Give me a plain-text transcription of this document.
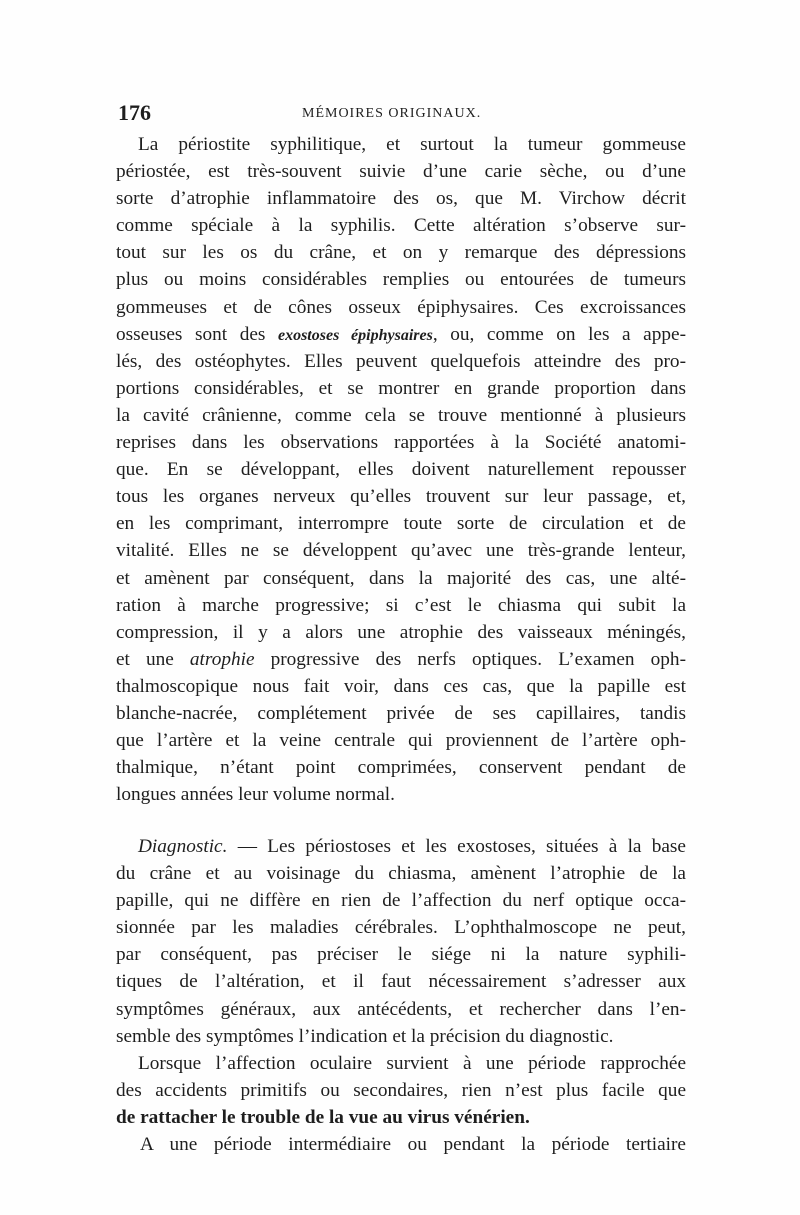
176	MÉMOIRES ORIGINAUX.
La périostite syphilitique, et surtout la tumeur gommeuse
périostée, est très-souvent suivie d’une carie sèche, ou d’une
sorte d’atrophie inflammatoire des os, que M. Virchow décrit
comme spéciale à la syphilis. Cette altération s’observe sur-
tout sur les os du crâne, et on y remarque des dépressions
plus ou moins considérables remplies ou entourées de tumeurs
gommeuses et de cônes osseux épiphysaires. Ces excroissances
osseuses sont des exostoses épiphysaires, ou, comme on les a appe-
lés, des ostéophytes. Elles peuvent quelquefois atteindre des pro-
portions considérables, et se montrer en grande proportion dans
la cavité crânienne, comme cela se trouve mentionné à plusieurs
reprises dans les observations rapportées à la Société anatomi-
que. En se développant, elles doivent naturellement repousser
tous les organes nerveux qu’elles trouvent sur leur passage, et,
en les comprimant, interrompre toute sorte de circulation et de
vitalité. Elles ne se développent qu’avec une très-grande lenteur,
et amènent par conséquent, dans la majorité des cas, une alté-
ration à marche progressive; si c’est le chiasma qui subit la
compression, il y a alors une atrophie des vaisseaux méningés,
et une atrophie progressive des nerfs optiques. L’examen oph-
thalmoscopique nous fait voir, dans ces cas, que la papille est
blanche-nacrée, complétement privée de ses capillaires, tandis
que l’artère et la veine centrale qui proviennent de l’artère oph-
thalmique, n’étant point comprimées, conservent pendant de
longues années leur volume normal.
Diagnostic. — Les périostoses et les exostoses, situées à la base
du crâne et au voisinage du chiasma, amènent l’atrophie de la
papille, qui ne diffère en rien de l’affection du nerf optique occa-
sionnée par les maladies cérébrales. L’ophthalmoscope ne peut,
par conséquent, pas préciser le siége ni la nature syphili-
tiques de l’altération, et il faut nécessairement s’adresser aux
symptômes généraux, aux antécédents, et rechercher dans l’en-
semble des symptômes l’indication et la précision du diagnostic.
Lorsque l’affection oculaire survient à une période rapprochée
des accidents primitifs ou secondaires, rien n’est plus facile que
de rattacher le trouble de la vue au virus vénérien.
A une période intermédiaire ou pendant la période tertiaire
